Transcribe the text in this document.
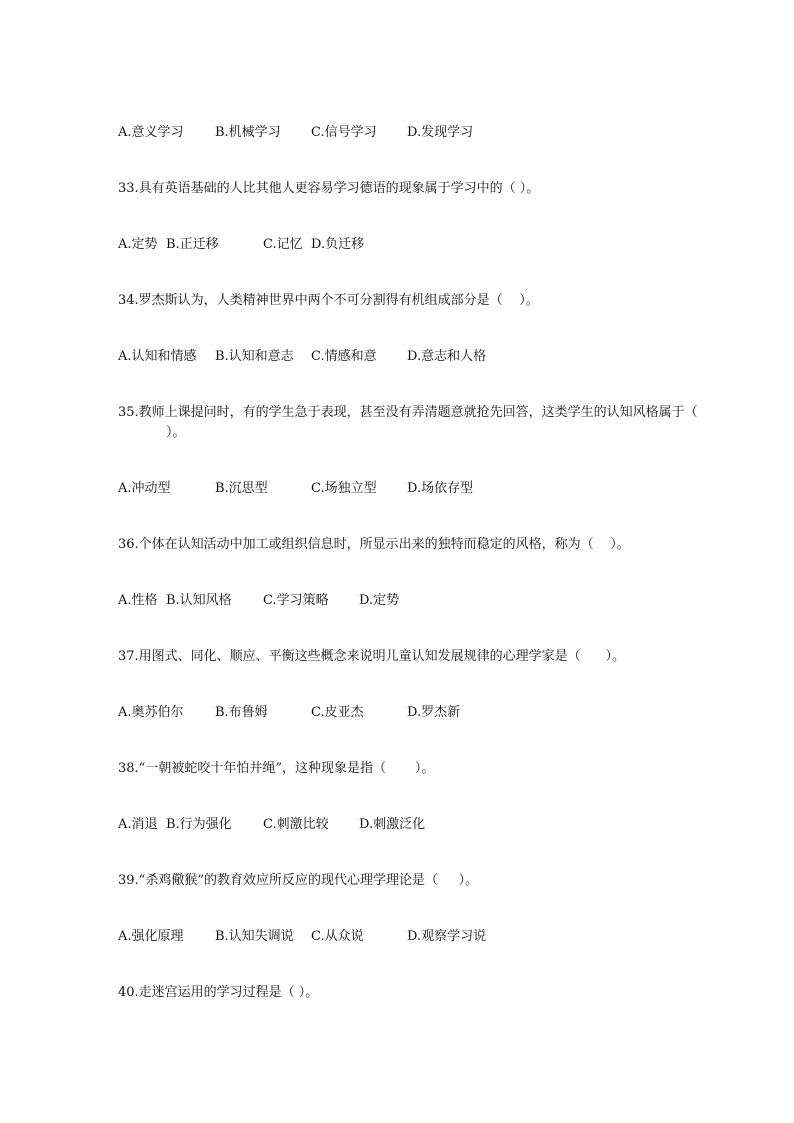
A.意义学习 B.机械学习 C.信号学习 D.发现学习
33.具有英语基础的人比其他人更容易学习德语的现象属于学习中的（ ）。
A.定势 B.正迁移	C.记忆 D.负迁移
34.罗杰斯认为，人类精神世界中两个不可分割得有机组成部分是（    ）。
A.认知和情感 B.认知和意志 C.情感和意 D.意志和人格
35.教师上课提问时，有的学生急于表现，甚至没有弄清题意就抢先回答，这类学生的认知风格属于（
）。
A.冲动型	B.沉思型	C.场独立型 D.场依存型
36.个体在认知活动中加工或组织信息时，所显示出来的独特而稳定的风格，称为（    ）。
A.性格 B.认知风格 C.学习策略 D.定势
37.用图式、同化、顺应、平衡这些概念来说明儿童认知发展规律的心理学家是（      ）。
A.奥苏伯尔 B.布鲁姆	C.皮亚杰	D.罗杰新
38.“一朝被蛇咬十年怕井绳”，这种现象是指（       ）。
A.消退 B.行为强化 C.刺激比较 D.刺激泛化
39.“杀鸡儆猴”的教育效应所反应的现代心理学理论是（     ）。
A.强化原理 B.认知失调说 C.从众说	D.观察学习说
40.走迷宫运用的学习过程是（ ）。
